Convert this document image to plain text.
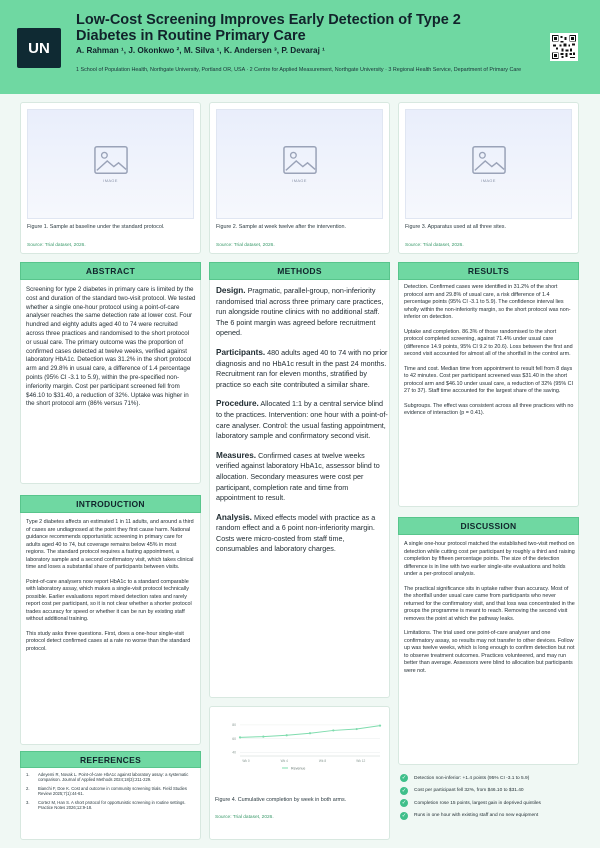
UN
Low-Cost Screening Improves Early Detection of Type 2 Diabetes in Routine Primary Care
A. Rahman ¹, J. Okonkwo ², M. Silva ¹, K. Andersen ³, P. Devaraj ¹
1 School of Population Health, Northgate University, Portland OR, USA · 2 Centre for Applied Measurement, Northgate University · 3 Regional Health Service, Department of Primary Care
IMAGE
Figure 1. Sample at baseline under the standard protocol.
Source: Trial dataset, 2026.
IMAGE
Figure 2. Sample at week twelve after the intervention.
Source: Trial dataset, 2026.
IMAGE
Figure 3. Apparatus used at all three sites.
Source: Trial dataset, 2026.
ABSTRACT
Screening for type 2 diabetes in primary care is limited by the cost and duration of the standard two-visit protocol. We tested whether a single one-hour protocol using a point-of-care analyser reaches the same detection rate at lower cost. Four hundred and eighty adults aged 40 to 74 were recruited across three practices and randomised to the short protocol or usual care. The primary outcome was the proportion of confirmed cases detected at twelve weeks, verified against laboratory HbA1c. Detection was 31.2% in the short protocol arm and 29.8% in usual care, a difference of 1.4 percentage points (95% CI -3.1 to 5.9), within the pre-specified non-inferiority margin. Cost per participant screened fell from $46.10 to $31.40, a reduction of 32%. Uptake was higher in the short protocol arm (86% versus 71%).
INTRODUCTION

Type 2 diabetes affects an estimated 1 in 11 adults, and around a third of cases are undiagnosed at the point they first cause harm. National guidance recommends opportunistic screening in primary care for adults aged 40 to 74, but coverage remains below 45% in most regions. The standard protocol requires a fasting appointment, a laboratory sample and a second confirmatory visit, which takes clinical time and loses a substantial share of participants between visits.

Point-of-care analysers now report HbA1c to a standard comparable with laboratory assay, which makes a single-visit protocol technically possible. Earlier evaluations report mixed detection rates and rarely report cost per participant, so it is not clear whether a shorter protocol trades accuracy for speed or whether it can be run by existing staff without additional training.

This study asks three questions. First, does a one-hour single-visit protocol detect confirmed cases at a rate no worse than the standard protocol.

REFERENCES
1.	Adeyemi R, Novak L. Point-of-care HbA1c against laboratory assay: a systematic comparison. Journal of Applied Methods 2024;18(3):211-229.
2.	Bianchi F, Doe K. Cost and outcome in community screening trials. Field Studies Review 2025;7(1):44-61.
3.	Cortez M, Han S. A short protocol for opportunistic screening in routine settings. Practice Notes 2026;12:9-18.
METHODS

Design. Pragmatic, parallel-group, non-inferiority randomised trial across three primary care practices, run alongside routine clinics with no additional staff. The 6 point margin was agreed before recruitment opened.

Participants. 480 adults aged 40 to 74 with no prior diagnosis and no HbA1c result in the past 24 months. Recruitment ran for eleven months, stratified by practice so each site contributed a similar share.

Procedure. Allocated 1:1 by a central service blind to the practices. Intervention: one hour with a point-of-care analyser. Control: the usual fasting appointment, laboratory sample and confirmatory second visit.

Measures. Confirmed cases at twelve weeks verified against laboratory HbA1c, assessor blind to allocation. Secondary measures were cost per participant, completion rate and time from appointment to result.

Analysis. Mixed effects model with practice as a random effect and a 6 point non-inferiority margin. Costs were micro-costed from staff time, consumables and laboratory charges.

40
60
80
Wk 0	Wk 4	Wk 8	Wk 12
Revenue
Figure 4. Cumulative completion by week in both arms.
Source: Trial dataset, 2026.
RESULTS

Detection. Confirmed cases were identified in 31.2% of the short protocol arm and 29.8% of usual care, a risk difference of 1.4 percentage points (95% CI -3.1 to 5.9). The confidence interval lies wholly within the non-inferiority margin, so the short protocol was non-inferior on detection.

Uptake and completion. 86.3% of those randomised to the short protocol completed screening, against 71.4% under usual care (difference 14.9 points, 95% CI 9.2 to 20.6). Loss between the first and second visit accounted for almost all of the shortfall in the control arm.

Time and cost. Median time from appointment to result fell from 8 days to 42 minutes. Cost per participant screened was $31.40 in the short protocol arm and $46.10 under usual care, a reduction of 32% (95% CI 27 to 37). Staff time accounted for the largest share of the saving.

Subgroups. The effect was consistent across all three practices with no evidence of interaction (p = 0.41).

DISCUSSION

A single one-hour protocol matched the established two-visit method on detection while cutting cost per participant by roughly a third and raising completion by fifteen percentage points. The size of the detection difference is in line with two earlier single-site evaluations and holds under a per-protocol analysis.

The practical significance sits in uptake rather than accuracy. Most of the shortfall under usual care came from participants who never returned for the confirmatory visit, and that loss was concentrated in the groups the programme is meant to reach. Removing the second visit removes the point at which the pathway leaks.

Limitations. The trial used one point-of-care analyser and one confirmatory assay, so results may not transfer to other devices. Follow up was twelve weeks, which is long enough to confirm detection but not to observe treatment outcomes. Practices volunteered, and may run better than average. Assessors were blind to allocation but participants were not.

✓	Detection non-inferior: +1.4 points (95% CI -3.1 to 5.9)
✓	Cost per participant fell 32%, from $46.10 to $31.40
✓	Completion rose 15 points, largest gain in deprived quintiles
✓	Runs in one hour with existing staff and no new equipment
